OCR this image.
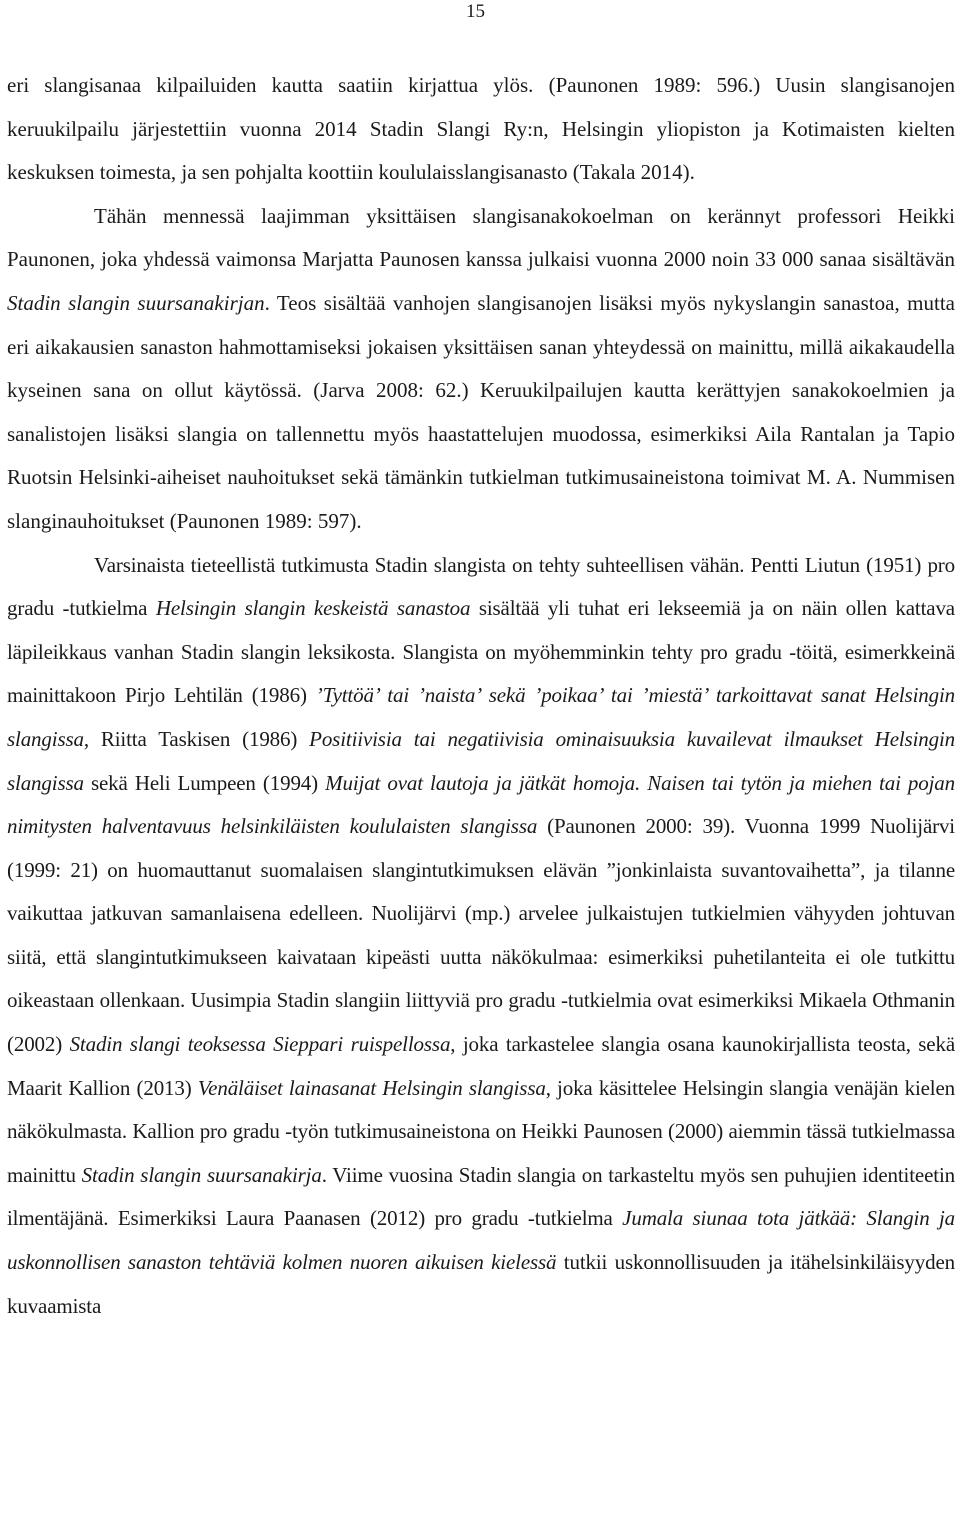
15

eri slangisanaa kilpailuiden kautta saatiin kirjattua ylös. (Paunonen 1989: 596.) Uusin slangisanojen keruukilpailu järjestettiin vuonna 2014 Stadin Slangi Ry:n, Helsingin yliopiston ja Kotimaisten kielten keskuksen toimesta, ja sen pohjalta koottiin koululaisslangisanasto (Takala 2014).

Tähän mennessä laajimman yksittäisen slangisanakokoelman on kerännyt professori Heikki Paunonen, joka yhdessä vaimonsa Marjatta Paunosen kanssa julkaisi vuonna 2000 noin 33 000 sanaa sisältävän Stadin slangin suursanakirjan. Teos sisältää vanhojen slangisanojen lisäksi myös nykyslangin sanastoa, mutta eri aikakausien sanaston hahmottamiseksi jokaisen yksittäisen sanan yhteydessä on mainittu, millä aikakaudella kyseinen sana on ollut käytössä. (Jarva 2008: 62.) Keruukilpailujen kautta kerättyjen sanakokoelmien ja sanalistojen lisäksi slangia on tallennettu myös haastattelujen muodossa, esimerkiksi Aila Rantalan ja Tapio Ruotsin Helsinki-aiheiset nauhoitukset sekä tämänkin tutkielman tutkimusaineistona toimivat M. A. Nummisen slanginauhoitukset (Paunonen 1989: 597).

Varsinaista tieteellistä tutkimusta Stadin slangista on tehty suhteellisen vähän. Pentti Liutun (1951) pro gradu -tutkielma Helsingin slangin keskeistä sanastoa sisältää yli tuhat eri lekseemiä ja on näin ollen kattava läpileikkaus vanhan Stadin slangin leksikosta. Slangista on myöhemminkin tehty pro gradu -töitä, esimerkkeinä mainittakoon Pirjo Lehtilän (1986) ’Tyttöä’ tai ’naista’ sekä ’poikaa’ tai ’miestä’ tarkoittavat sanat Helsingin slangissa, Riitta Taskisen (1986) Positiivisia tai negatiivisia ominaisuuksia kuvailevat ilmaukset Helsingin slangissa sekä Heli Lumpeen (1994) Muijat ovat lautoja ja jätkät homoja. Naisen tai tytön ja miehen tai pojan nimitysten halventavuus helsinkiläisten koululaisten slangissa (Paunonen 2000: 39). Vuonna 1999 Nuolijärvi (1999: 21) on huomauttanut suomalaisen slangintutkimuksen elävän ”jonkinlaista suvantovaihetta”, ja tilanne vaikuttaa jatkuvan samanlaisena edelleen. Nuolijärvi (mp.) arvelee julkaistujen tutkielmien vähyyden johtuvan siitä, että slangintutkimukseen kaivataan kipeästi uutta näkökulmaa: esimerkiksi puhetilanteita ei ole tutkittu oikeastaan ollenkaan. Uusimpia Stadin slangiin liittyviä pro gradu -tutkielmia ovat esimerkiksi Mikaela Othmanin (2002) Stadin slangi teoksessa Sieppari ruispellossa, joka tarkastelee slangia osana kaunokirjallista teosta, sekä Maarit Kallion (2013) Venäläiset lainasanat Helsingin slangissa, joka käsittelee Helsingin slangia venäjän kielen näkökulmasta. Kallion pro gradu -työn tutkimusaineistona on Heikki Paunosen (2000) aiemmin tässä tutkielmassa mainittu Stadin slangin suursanakirja. Viime vuosina Stadin slangia on tarkasteltu myös sen puhujien identiteetin ilmentäjänä. Esimerkiksi Laura Paanasen (2012) pro gradu -tutkielma Jumala siunaa tota jätkää: Slangin ja uskonnollisen sanaston tehtäviä kolmen nuoren aikuisen kielessä tutkii uskonnollisuuden ja itähelsinkiläisyyden kuvaamista
